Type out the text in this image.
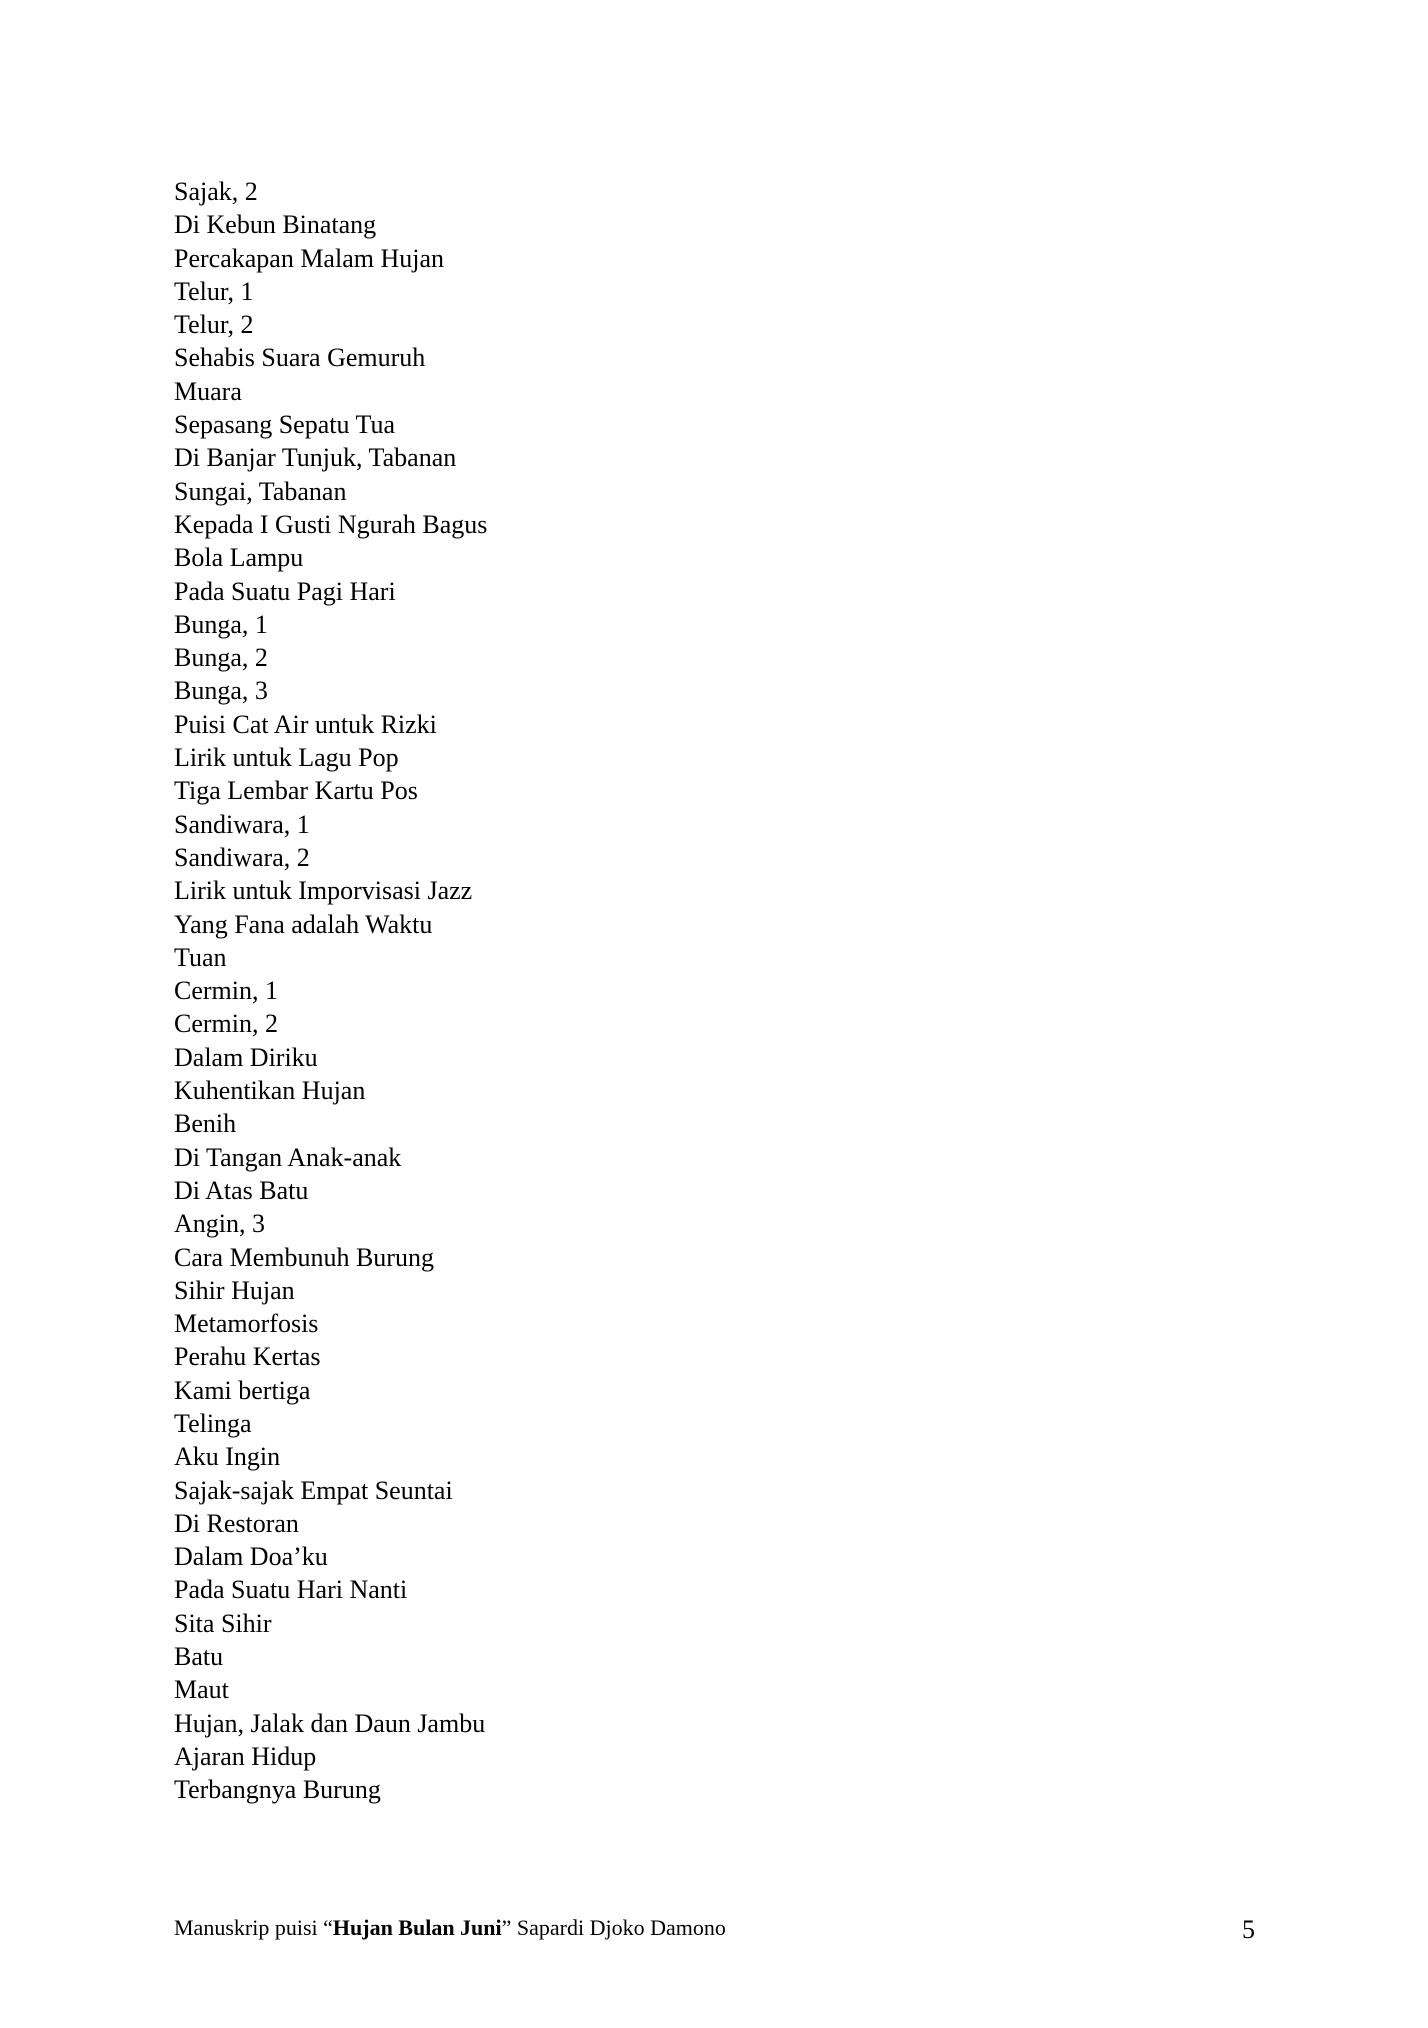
Sajak, 2
Di Kebun Binatang
Percakapan Malam Hujan
Telur, 1
Telur, 2
Sehabis Suara Gemuruh
Muara
Sepasang Sepatu Tua
Di Banjar Tunjuk, Tabanan
Sungai, Tabanan
Kepada I Gusti Ngurah Bagus
Bola Lampu
Pada Suatu Pagi Hari
Bunga, 1
Bunga, 2
Bunga, 3
Puisi Cat Air untuk Rizki
Lirik untuk Lagu Pop
Tiga Lembar Kartu Pos
Sandiwara, 1
Sandiwara, 2
Lirik untuk Imporvisasi Jazz
Yang Fana adalah Waktu
Tuan
Cermin, 1
Cermin, 2
Dalam Diriku
Kuhentikan Hujan
Benih
Di Tangan Anak-anak
Di Atas Batu
Angin, 3
Cara Membunuh Burung
Sihir Hujan
Metamorfosis
Perahu Kertas
Kami bertiga
Telinga
Aku Ingin
Sajak-sajak Empat Seuntai
Di Restoran
Dalam Doa’ku
Pada Suatu Hari Nanti
Sita Sihir
Batu
Maut
Hujan, Jalak dan Daun Jambu
Ajaran Hidup
Terbangnya Burung
Manuskrip puisi “Hujan Bulan Juni” Sapardi Djoko Damono	5
